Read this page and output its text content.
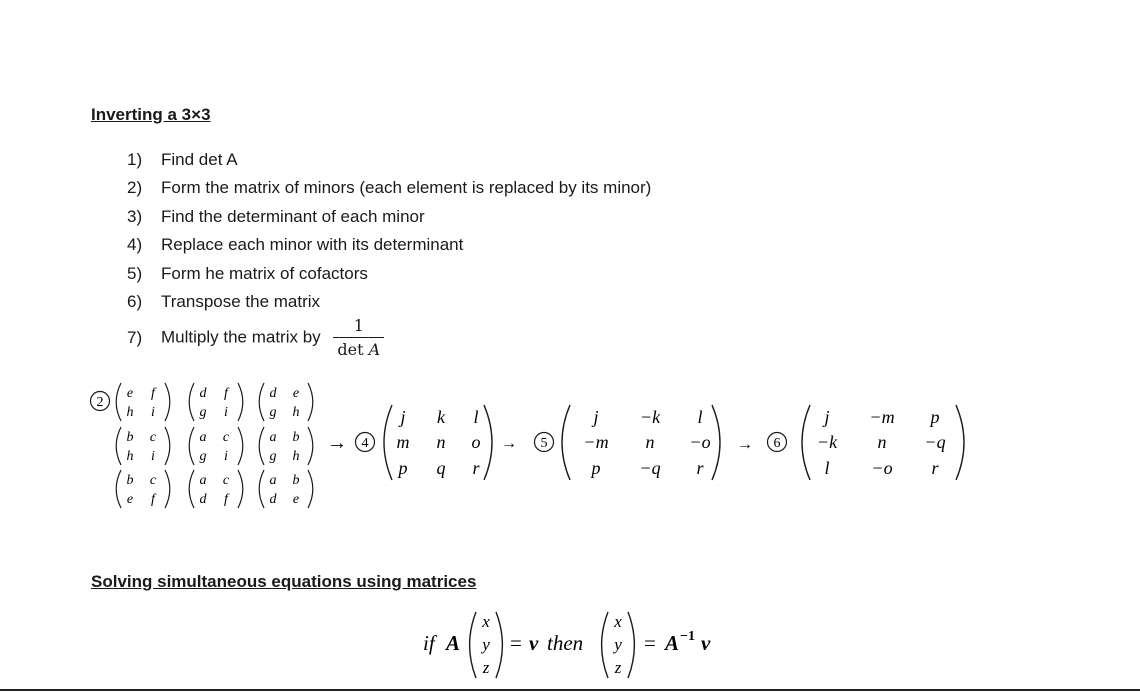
Inverting a 3×3
1) Find det A
2) Form the matrix of minors (each element is replaced by its minor)
3) Find the determinant of each minor
4) Replace each minor with its determinant
5) Form he matrix of cofactors
6) Transpose the matrix
7) Multiply the matrix by $\frac{1}{\text{det A}}$
2
e f
h i
d f
g i
d e
g h
b c
h i
a c
g i
a b
g h
b c
e f
a c
d f
a b
d e
→ 4
j k l
m n o
p q r
→ 5
j −k l
−m n −o
p −q r
→ 6
j −m p
−k n −q
l −o r
Solving simultaneous equations using matrices
if A
x
y
z
= v then
x
y
z
= A −1 v
